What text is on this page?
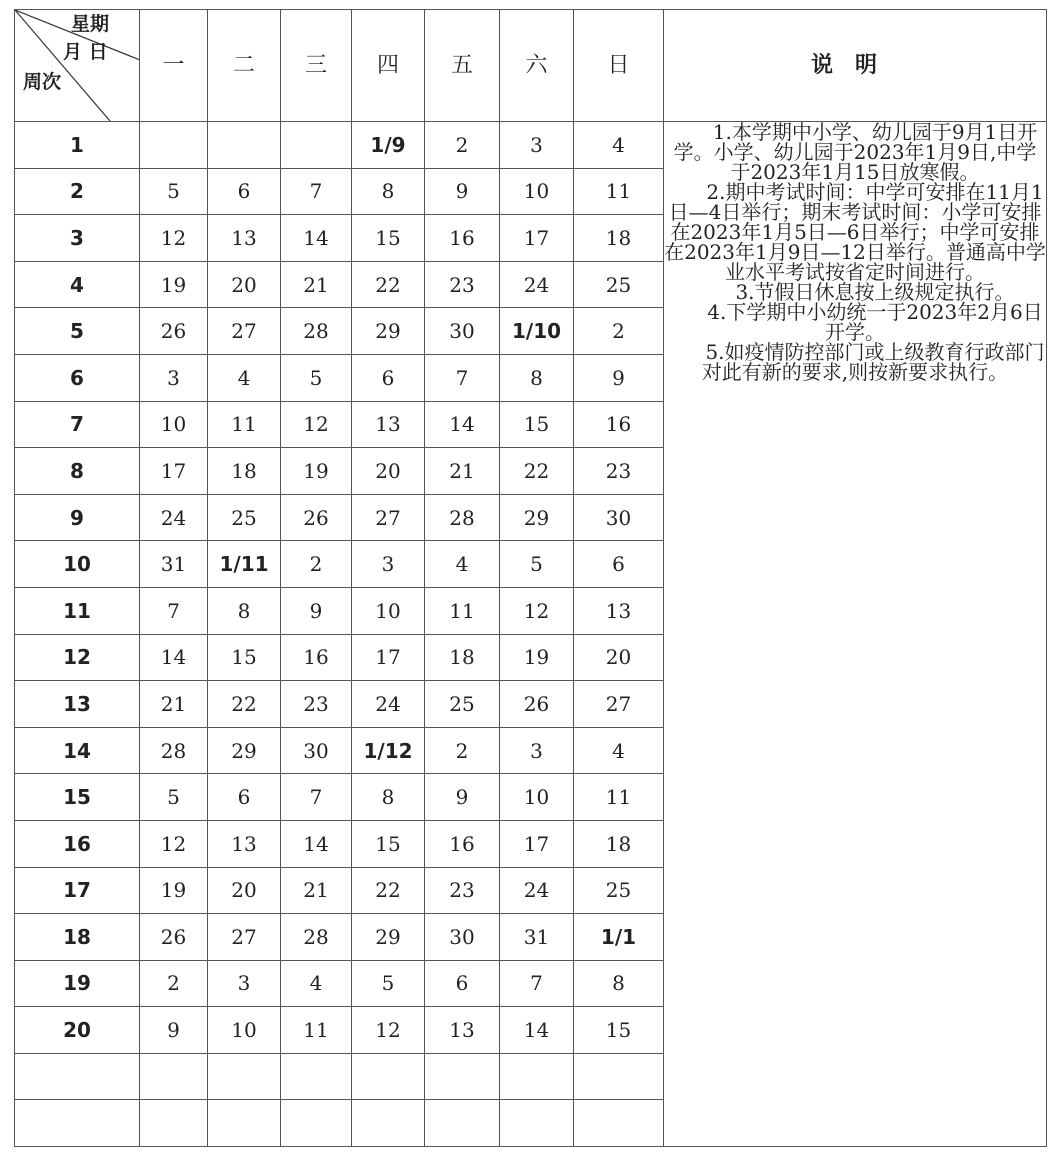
星期
月 日
周次	一	二	三	四	五	六	日	说明
1				1/9	2	3	4	1.本学期中小学、幼儿园于9月1日开学。小学、幼儿园于2023年1月9日,中学于2023年1月15日放寒假。

2.期中考试时间：中学可安排在11月1日—4日举行；期末考试时间：小学可安排在2023年1月5日—6日举行；中学可安排在2023年1月9日—12日举行。普通高中学业水平考试按省定时间进行。

3.节假日休息按上级规定执行。

4.下学期中小幼统一于2023年2月6日开学。

5.如疫情防控部门或上级教育行政部门对此有新的要求,则按新要求执行。

2	5	6	7	8	9	10	11	
3	12	13	14	15	16	17	18	
4	19	20	21	22	23	24	25	
5	26	27	28	29	30	1/10	2	
6	3	4	5	6	7	8	9	
7	10	11	12	13	14	15	16	
8	17	18	19	20	21	22	23	
9	24	25	26	27	28	29	30	
10	31	1/11	2	3	4	5	6	
11	7	8	9	10	11	12	13	
12	14	15	16	17	18	19	20	
13	21	22	23	24	25	26	27	
14	28	29	30	1/12	2	3	4	
15	5	6	7	8	9	10	11	
16	12	13	14	15	16	17	18	
17	19	20	21	22	23	24	25	
18	26	27	28	29	30	31	1/1	
19	2	3	4	5	6	7	8	
20	9	10	11	12	13	14	15	
